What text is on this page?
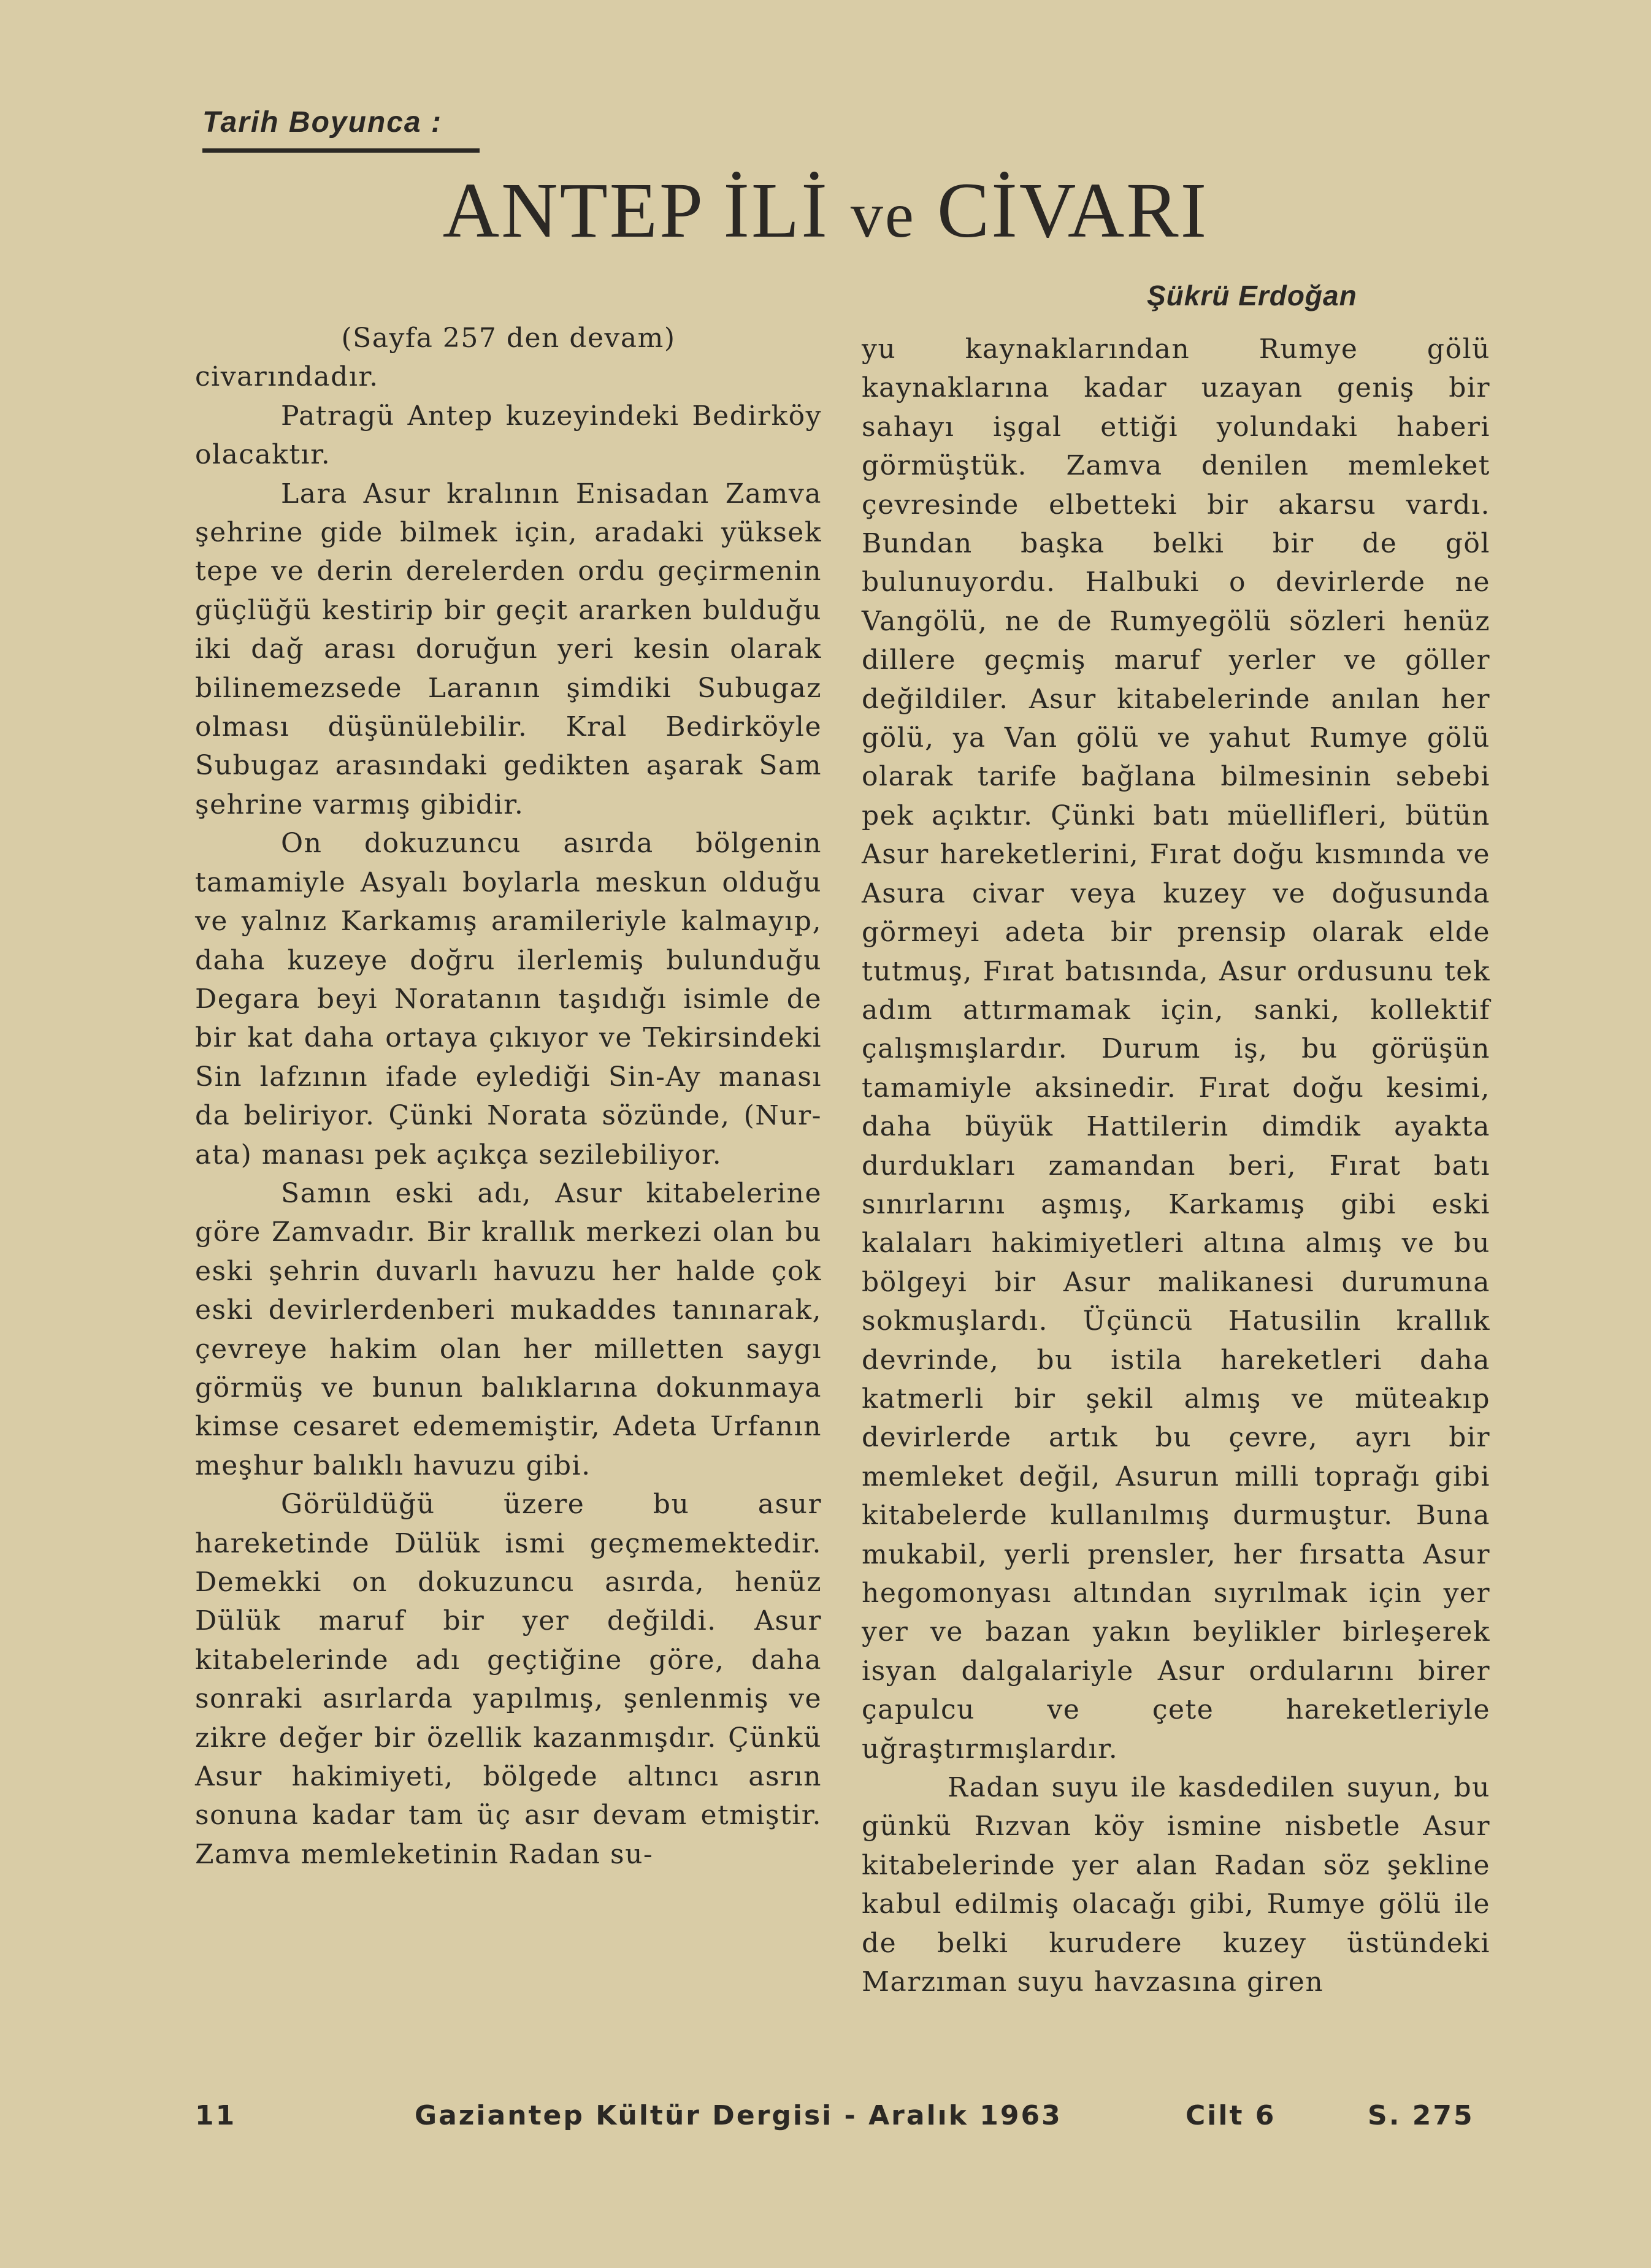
Tarih Boyunca :
ANTEP İLİ ve CİVARI
Şükrü Erdoğan

(Sayfa 257 den devam)

civarındadır.

Patragü Antep kuzeyindeki Bedirköy olacaktır.

Lara Asur kralının Enisadan Zamva şehrine gide bilmek için, aradaki yüksek tepe ve derin derelerden ordu geçirmenin güçlüğü kestirip bir geçit ararken bulduğu iki dağ arası doruğun yeri kesin olarak bilinemezsede Laranın şimdiki Subugaz olması düşünülebilir. Kral Bedirköyle Subugaz arasındaki gedikten aşarak Sam şehrine varmış gibidir.

On dokuzuncu asırda bölgenin tamamiyle Asyalı boylarla meskun olduğu ve yalnız Karkamış aramileriyle kalmayıp, daha kuzeye doğru ilerlemiş bulunduğu Degara beyi Noratanın taşıdığı isimle de bir kat daha ortaya çıkıyor ve Tekirsindeki Sin lafzının ifade eylediği Sin-Ay manası da beliriyor. Çünki Norata sözünde, (Nur-ata) manası pek açıkça sezilebiliyor.

Samın eski adı, Asur kitabelerine göre Zamvadır. Bir krallık merkezi olan bu eski şehrin duvarlı havuzu her halde çok eski devirlerdenberi mukaddes tanınarak, çevreye hakim olan her milletten saygı görmüş ve bunun balıklarına dokunmaya kimse cesaret edememiştir, Adeta Urfanın meşhur balıklı havuzu gibi.

Görüldüğü üzere bu asur hareketinde Dülük ismi geçmemektedir. Demekki on dokuzuncu asırda, henüz Dülük maruf bir yer değildi. Asur kitabelerinde adı geçtiğine göre, daha sonraki asırlarda yapılmış, şenlenmiş ve zikre değer bir özellik kazanmışdır. Çünkü Asur hakimiyeti, bölgede altıncı asrın sonuna kadar tam üç asır devam etmiştir. Zamva memleketinin Radan su-

yu kaynaklarından Rumye gölü kaynaklarına kadar uzayan geniş bir sahayı işgal ettiği yolundaki haberi görmüştük. Zamva denilen memleket çevresinde elbetteki bir akarsu vardı. Bundan başka belki bir de göl bulunuyordu. Halbuki o devirlerde ne Vangölü, ne de Rumyegölü sözleri henüz dillere geçmiş maruf yerler ve göller değildiler. Asur kitabelerinde anılan her gölü, ya Van gölü ve yahut Rumye gölü olarak tarife bağlana bilmesinin sebebi pek açıktır. Çünki batı müellifleri, bütün Asur hareketlerini, Fırat doğu kısmında ve Asura civar veya kuzey ve doğusunda görmeyi adeta bir prensip olarak elde tutmuş, Fırat batısında, Asur ordusunu tek adım attırmamak için, sanki, kollektif çalışmışlardır. Durum iş, bu görüşün tamamiyle aksinedir. Fırat doğu kesimi, daha büyük Hattilerin dimdik ayakta durdukları zamandan beri, Fırat batı sınırlarını aşmış, Karkamış gibi eski kalaları hakimiyetleri altına almış ve bu bölgeyi bir Asur malikanesi durumuna sokmuşlardı. Üçüncü Hatusilin krallık devrinde, bu istila hareketleri daha katmerli bir şekil almış ve müteakıp devirlerde artık bu çevre, ayrı bir memleket değil, Asurun milli toprağı gibi kitabelerde kullanılmış durmuştur. Buna mukabil, yerli prensler, her fırsatta Asur hegomonyası altından sıyrılmak için yer yer ve bazan yakın beylikler birleşerek isyan dalgalariyle Asur ordularını birer çapulcu ve çete hareketleriyle uğraştırmışlardır.

Radan suyu ile kasdedilen suyun, bu günkü Rızvan köy ismine nisbetle Asur kitabelerinde yer alan Radan söz şekline kabul edilmiş olacağı gibi, Rumye gölü ile de belki kurudere kuzey üstündeki Marzıman suyu havzasına giren

11	Gaziantep Kültür Dergisi - Aralık 1963	Cilt 6	S. 275
